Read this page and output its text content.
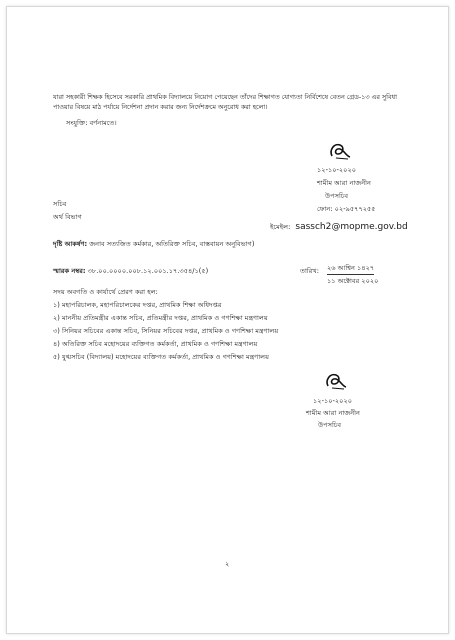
যারা সহকারী শিক্ষক হিসেবে সরকারি প্রাথমিক বিদ্যালয়ে নিয়োগ পেয়েছেন তাঁদের শিক্ষাগত যোগ্যতা নির্বিশেষে বেতন গ্রেড-১৩ এর সুবিধা পাওয়ার বিষয়ে মাঠ পর্যায়ে নির্দেশনা প্রদান করার জন্য নির্দেশক্রমে অনুরোধ করা হলো।
সংযুক্তি: বর্ণনামতে।
১২-১০-২০২০
শামীম আরা নাজনীন
উপসচিব
ফোন: ০২-৯৫৭৭২৫৫
ইমেইল: sassch2@mopme.gov.bd
সচিব
অর্থ বিভাগ
দৃষ্টি আকর্ষণ: জনাব সত্যজিত কর্মকার, অতিরিক্ত সচিব, বাস্তবায়ন অনুবিভাগ)
স্মারক নম্বর: ৩৮.০০.০০০০.০০৮.১২.০০১.১৭.৩৫৪/১(৫)	তারিখ: ২৬ আশ্বিন ১৪২৭
১১ অক্টোবর ২০২০
সদয় অবগতি ও কার্যার্থে প্রেরণ করা হল:
১) মহাপরিচালক, মহাপরিচালকের দপ্তর, প্রাথমিক শিক্ষা অধিদপ্তর
২) মাননীয় প্রতিমন্ত্রীর একান্ত সচিব, প্রতিমন্ত্রীর দপ্তর, প্রাথমিক ও গণশিক্ষা মন্ত্রণালয়
৩) সিনিয়র সচিবের একান্ত সচিব, সিনিয়র সচিবের দপ্তর, প্রাথমিক ও গণশিক্ষা মন্ত্রণালয়
৪) অতিরিক্ত সচিব মহোদয়ের ব্যক্তিগত কর্মকর্তা, প্রাথমিক ও গণশিক্ষা মন্ত্রণালয়
৫) যুগ্মসচিব (বিদ্যালয়) মহোদয়ের ব্যক্তিগত কর্মকর্তা, প্রাথমিক ও গণশিক্ষা মন্ত্রণালয়
১২-১০-২০২০
শামীম আরা নাজনীন
উপসচিব
২
